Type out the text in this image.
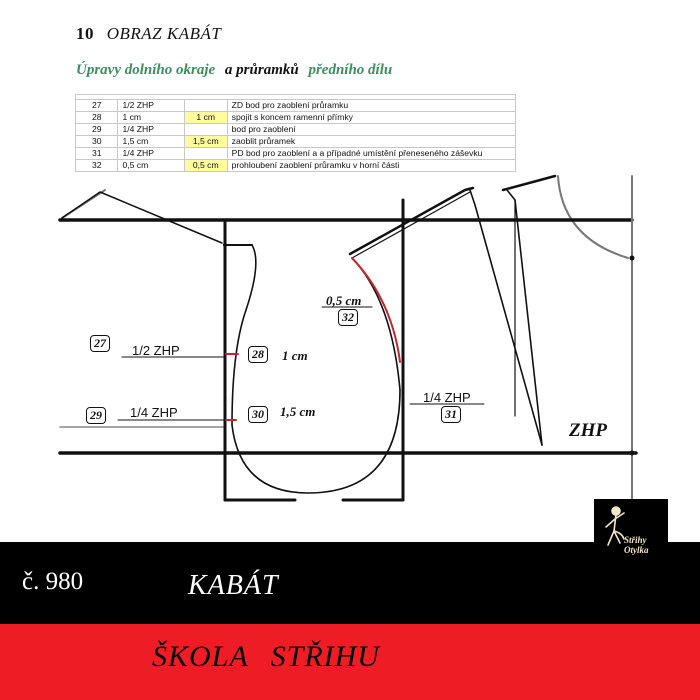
10 OBRAZ KABÁT
Úpravy dolního okraje a průramků předního dílu

27	1/2 ZHP		ZD bod pro zaoblení průramku
28	1 cm	1 cm	spojit s koncem ramenní přímky
29	1/4 ZHP		bod pro zaoblení
30	1,5 cm	1,5 cm	zaoblit průramek
31	1/4 ZHP		PD bod pro zaoblení a a případné umístění přeneseného záševku
32	0,5 cm	0,5 cm	prohloubení zaoblení průramku v horní části
27	1/2 ZHP	28	1 cm
29	1/4 ZHP	30	1,5 cm
1/4 ZHP
31
0,5 cm
32
ZHP
č. 980	KABÁT
ŠKOLA STŘIHU
Střihy
Otylka
